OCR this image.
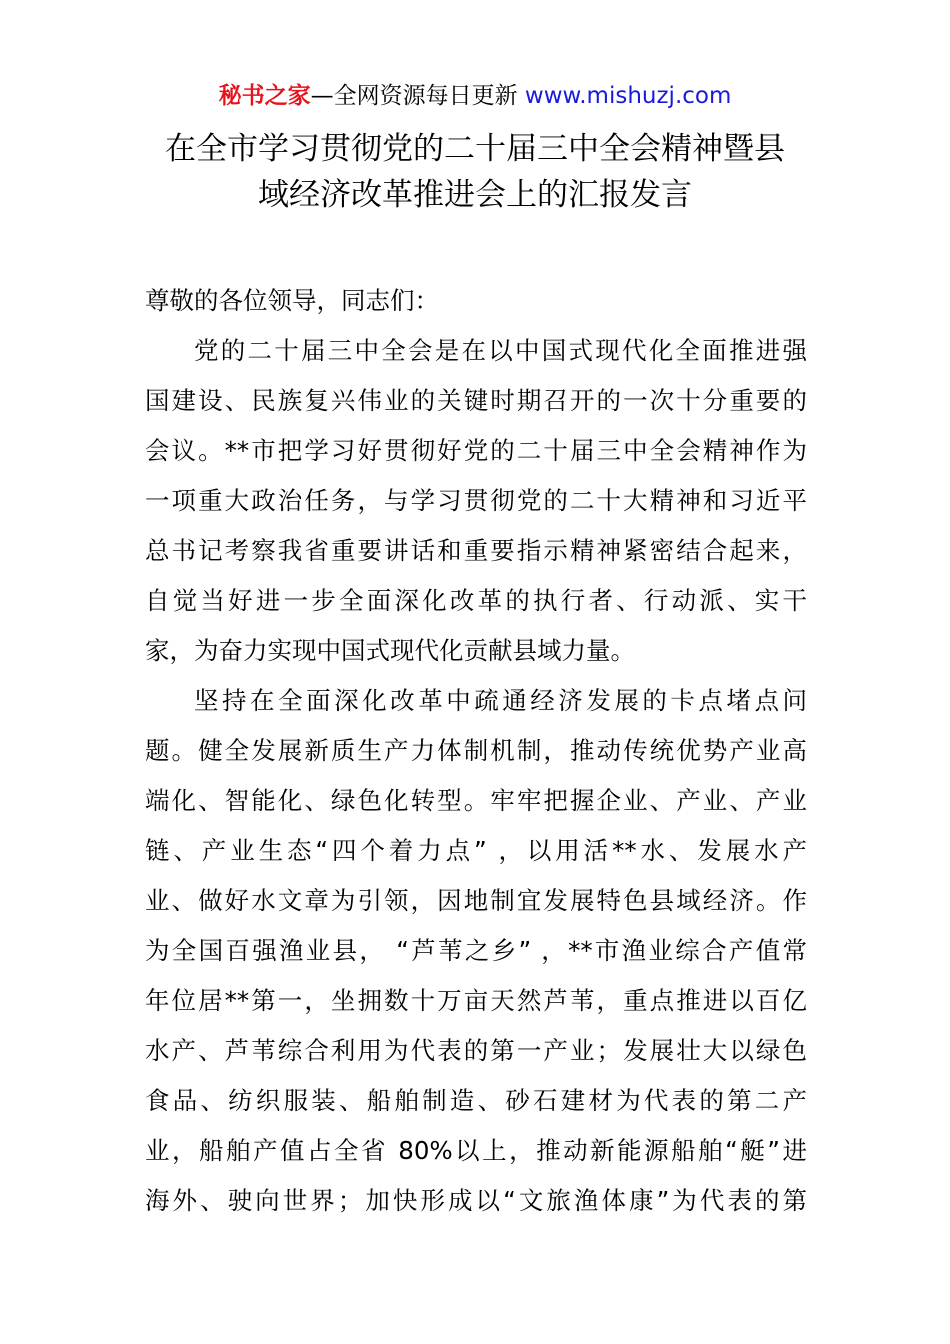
秘书之家—全网资源每日更新 www.mishuzj.com
在全市学习贯彻党的二十届三中全会精神暨县
域经济改革推进会上的汇报发言
尊敬的各位领导，同志们：
党的二十届三中全会是在以中国式现代化全面推进强
国建设、民族复兴伟业的关键时期召开的一次十分重要的
会议。**市把学习好贯彻好党的二十届三中全会精神作为
一项重大政治任务，与学习贯彻党的二十大精神和习近平
总书记考察我省重要讲话和重要指示精神紧密结合起来，
自觉当好进一步全面深化改革的执行者、行动派、实干
家，为奋力实现中国式现代化贡献县域力量。
坚持在全面深化改革中疏通经济发展的卡点堵点问
题。健全发展新质生产力体制机制，推动传统优势产业高
端化、智能化、绿色化转型。牢牢把握企业、产业、产业
链、产业生态“四个着力点” ，以用活**水、发展水产
业、做好水文章为引领，因地制宜发展特色县域经济。作
为全国百强渔业县， “芦苇之乡” ，**市渔业综合产值常
年位居**第一，坐拥数十万亩天然芦苇，重点推进以百亿
水产、芦苇综合利用为代表的第一产业；发展壮大以绿色
食品、纺织服装、船舶制造、砂石建材为代表的第二产
业，船舶产值占全省 80%以上，推动新能源船舶“艇”进
海外、驶向世界；加快形成以“文旅渔体康”为代表的第
